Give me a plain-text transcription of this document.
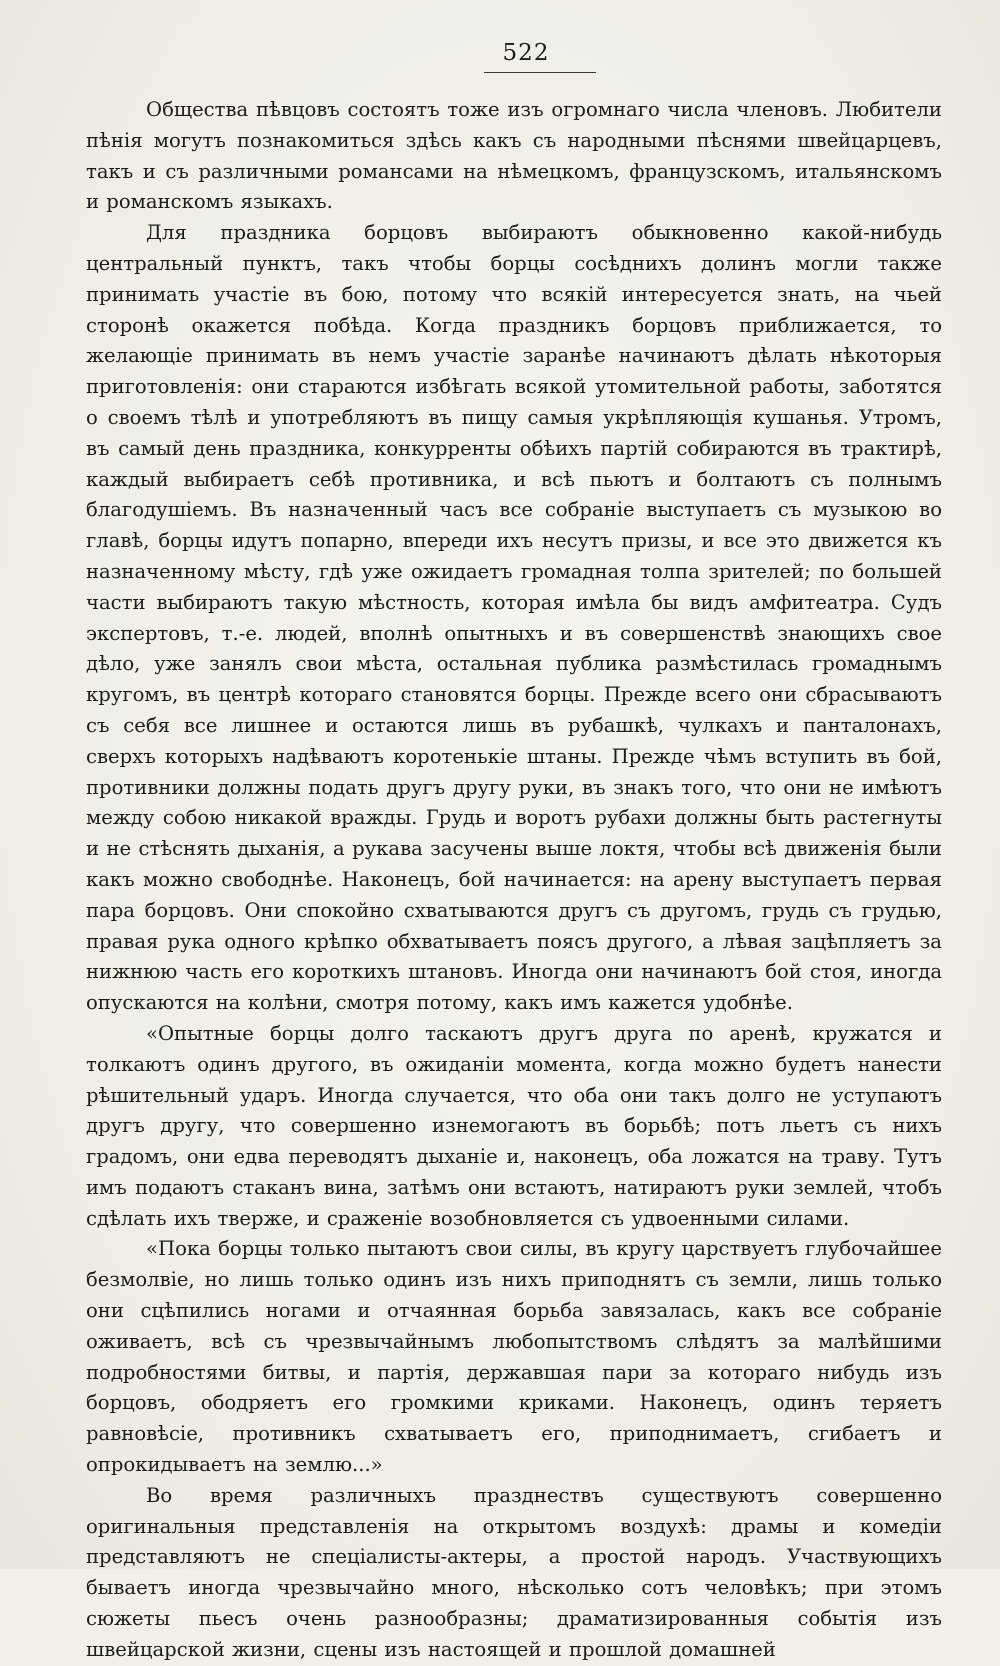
522

Общества пѣвцовъ состоятъ тоже изъ огромнаго числа членовъ. Любители пѣнія могутъ познакомиться здѣсь какъ съ народными пѣснями швейцарцевъ, такъ и съ различными романсами на нѣмецкомъ, французскомъ, итальянскомъ и романскомъ языкахъ.

Для праздника борцовъ выбираютъ обыкновенно какой-нибудь центральный пунктъ, такъ чтобы борцы сосѣднихъ долинъ могли также принимать участіе въ бою, потому что всякій интересуется знать, на чьей сторонѣ окажется побѣда. Когда праздникъ борцовъ приближается, то желающіе принимать въ немъ участіе заранѣе начинаютъ дѣлать нѣкоторыя приготовленія: они стараются избѣгать всякой утомительной работы, заботятся о своемъ тѣлѣ и употребляютъ въ пищу самыя укрѣпляющія кушанья. Утромъ, въ самый день праздника, конкурренты обѣихъ партій собираются въ трактирѣ, каждый выбираетъ себѣ противника, и всѣ пьютъ и болтаютъ съ полнымъ благодушіемъ. Въ назначенный часъ все собраніе выступаетъ съ музыкою во главѣ, борцы идутъ попарно, впереди ихъ несутъ призы, и все это движется къ назначенному мѣсту, гдѣ уже ожидаетъ громадная толпа зрителей; по большей части выбираютъ такую мѣстность, которая имѣла бы видъ амфитеатра. Судъ экспертовъ, т.-е. людей, вполнѣ опытныхъ и въ совершенствѣ знающихъ свое дѣло, уже занялъ свои мѣста, остальная публика размѣстилась громаднымъ кругомъ, въ центрѣ котораго становятся борцы. Прежде всего они сбрасываютъ съ себя все лишнее и остаются лишь въ рубашкѣ, чулкахъ и панталонахъ, сверхъ которыхъ надѣваютъ коротенькіе штаны. Прежде чѣмъ вступить въ бой, противники должны подать другъ другу руки, въ знакъ того, что они не имѣютъ между собою никакой вражды. Грудь и воротъ рубахи должны быть растегнуты и не стѣснять дыханія, а рукава засучены выше локтя, чтобы всѣ движенія были какъ можно свободнѣе. Наконецъ, бой начинается: на арену выступаетъ первая пара борцовъ. Они спокойно схватываются другъ съ другомъ, грудь съ грудью, правая рука одного крѣпко обхватываетъ поясъ другого, а лѣвая зацѣпляетъ за нижнюю часть его короткихъ штановъ. Иногда они начинаютъ бой стоя, иногда опускаются на колѣни, смотря потому, какъ имъ кажется удобнѣе.

«Опытные борцы долго таскаютъ другъ друга по аренѣ, кружатся и толкаютъ одинъ другого, въ ожиданіи момента, когда можно будетъ нанести рѣшительный ударъ. Иногда случается, что оба они такъ долго не уступаютъ другъ другу, что совершенно изнемогаютъ въ борьбѣ; потъ льетъ съ нихъ градомъ, они едва переводятъ дыханіе и, наконецъ, оба ложатся на траву. Тутъ имъ подаютъ стаканъ вина, затѣмъ они встаютъ, натираютъ руки землей, чтобъ сдѣлать ихъ тверже, и сраженіе возобновляется съ удвоенными силами.

«Пока борцы только пытаютъ свои силы, въ кругу царствуетъ глубочайшее безмолвіе, но лишь только одинъ изъ нихъ приподнятъ съ земли, лишь только они сцѣпились ногами и отчаянная борьба завязалась, какъ все собраніе оживаетъ, всѣ съ чрезвычайнымъ любопытствомъ слѣдятъ за малѣйшими подробностями битвы, и партія, державшая пари за котораго нибудь изъ борцовъ, ободряетъ его громкими криками. Наконецъ, одинъ теряетъ равновѣсіе, противникъ схватываетъ его, приподнимаетъ, сгибаетъ и опрокидываетъ на землю...»

Во время различныхъ празднествъ существуютъ совершенно оригинальныя представленія на открытомъ воздухѣ: драмы и комедіи представляютъ не спеціалисты-актеры, а простой народъ. Участвующихъ бываетъ иногда чрезвычайно много, нѣсколько сотъ человѣкъ; при этомъ сюжеты пьесъ очень разнообразны; драматизированныя событія изъ швейцарской жизни, сцены изъ настоящей и прошлой домашней
